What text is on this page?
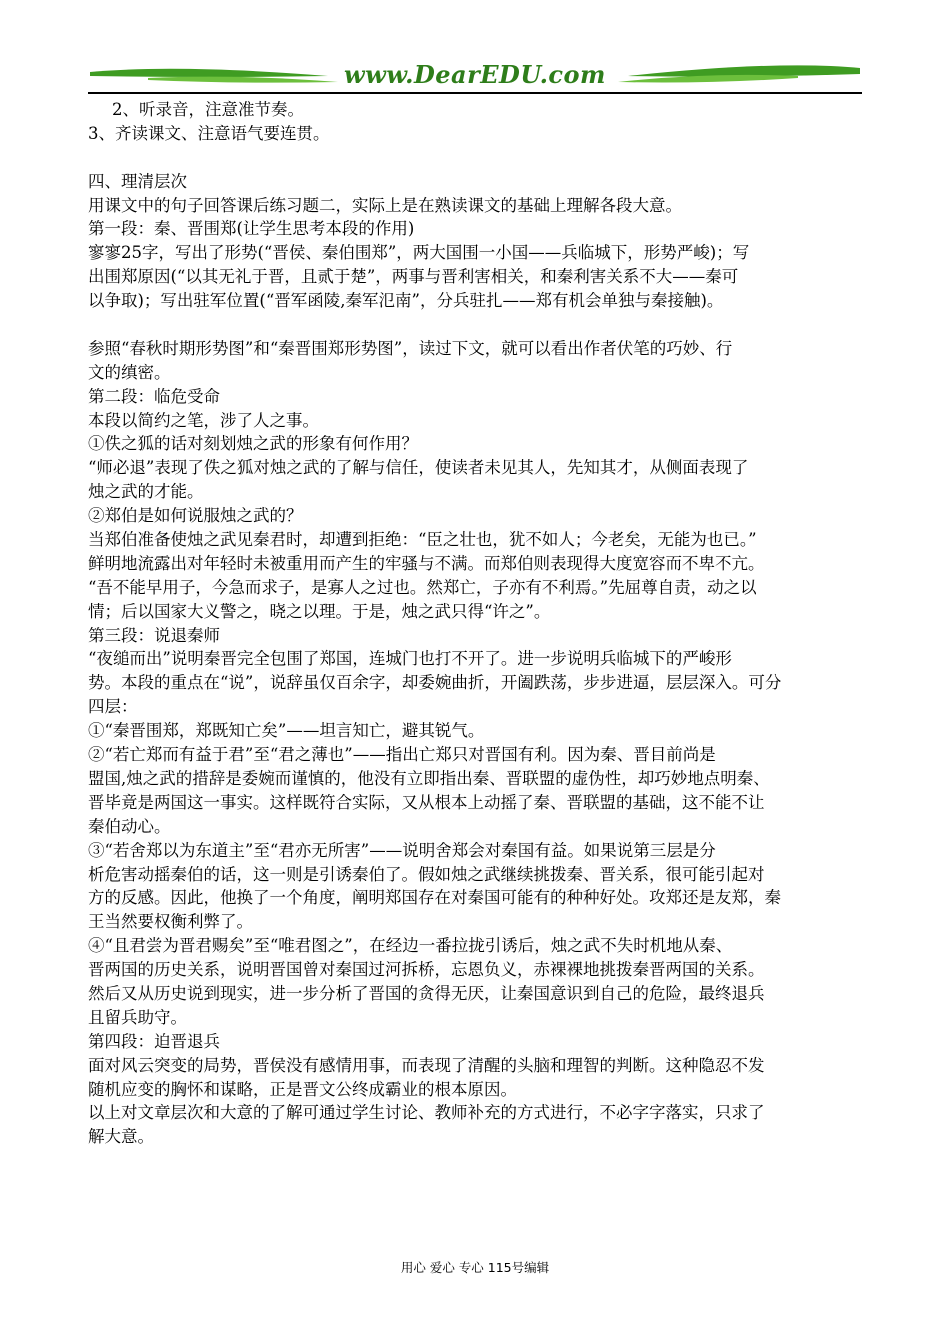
www.DearEDU.com
2、听录音，注意准节奏。
3、齐读课文、注意语气要连贯。
四、理清层次
用课文中的句子回答课后练习题二，实际上是在熟读课文的基础上理解各段大意。
第一段：秦、晋围郑(让学生思考本段的作用)
寥寥25字，写出了形势(“晋侯、秦伯围郑”，两大国围一小国——兵临城下，形势严峻)；写
出围郑原因(“以其无礼于晋，且贰于楚”，两事与晋利害相关，和秦利害关系不大——秦可
以争取)；写出驻军位置(“晋军函陵,秦军氾南”，分兵驻扎——郑有机会单独与秦接触)。
参照“春秋时期形势图”和“秦晋围郑形势图”，读过下文，就可以看出作者伏笔的巧妙、行
文的缜密。
第二段：临危受命
本段以简约之笔，涉了人之事。
①佚之狐的话对刻划烛之武的形象有何作用？
“师必退”表现了佚之狐对烛之武的了解与信任，使读者未见其人，先知其才，从侧面表现了
烛之武的才能。
②郑伯是如何说服烛之武的？
当郑伯准备使烛之武见秦君时，却遭到拒绝：“臣之壮也，犹不如人；今老矣，无能为也已。”
鲜明地流露出对年轻时未被重用而产生的牢骚与不满。而郑伯则表现得大度宽容而不卑不亢。
“吾不能早用子，今急而求子，是寡人之过也。然郑亡，子亦有不利焉。”先屈尊自责，动之以
情；后以国家大义警之，晓之以理。于是，烛之武只得“许之”。
第三段：说退秦师
“夜缒而出”说明秦晋完全包围了郑国，连城门也打不开了。进一步说明兵临城下的严峻形
势。本段的重点在“说”，说辞虽仅百余字，却委婉曲折，开阖跌荡，步步进逼，层层深入。可分
四层：
①“秦晋围郑，郑既知亡矣”——坦言知亡，避其锐气。
②“若亡郑而有益于君”至“君之薄也”——指出亡郑只对晋国有利。因为秦、晋目前尚是
盟国,烛之武的措辞是委婉而谨慎的，他没有立即指出秦、晋联盟的虚伪性，却巧妙地点明秦、
晋毕竟是两国这一事实。这样既符合实际，又从根本上动摇了秦、晋联盟的基础，这不能不让
秦伯动心。
③“若舍郑以为东道主”至“君亦无所害”——说明舍郑会对秦国有益。如果说第三层是分
析危害动摇秦伯的话，这一则是引诱秦伯了。假如烛之武继续挑拨秦、晋关系，很可能引起对
方的反感。因此，他换了一个角度，阐明郑国存在对秦国可能有的种种好处。攻郑还是友郑，秦
王当然要权衡利弊了。
④“且君尝为晋君赐矣”至“唯君图之”，在经边一番拉拢引诱后，烛之武不失时机地从秦、
晋两国的历史关系，说明晋国曾对秦国过河拆桥，忘恩负义，赤裸裸地挑拨秦晋两国的关系。
然后又从历史说到现实，进一步分析了晋国的贪得无厌，让秦国意识到自己的危险，最终退兵
且留兵助守。
第四段：迫晋退兵
面对风云突变的局势，晋侯没有感情用事，而表现了清醒的头脑和理智的判断。这种隐忍不发
随机应变的胸怀和谋略，正是晋文公终成霸业的根本原因。
以上对文章层次和大意的了解可通过学生讨论、教师补充的方式进行，不必字字落实，只求了
解大意。
用心 爱心 专心 115号编辑
